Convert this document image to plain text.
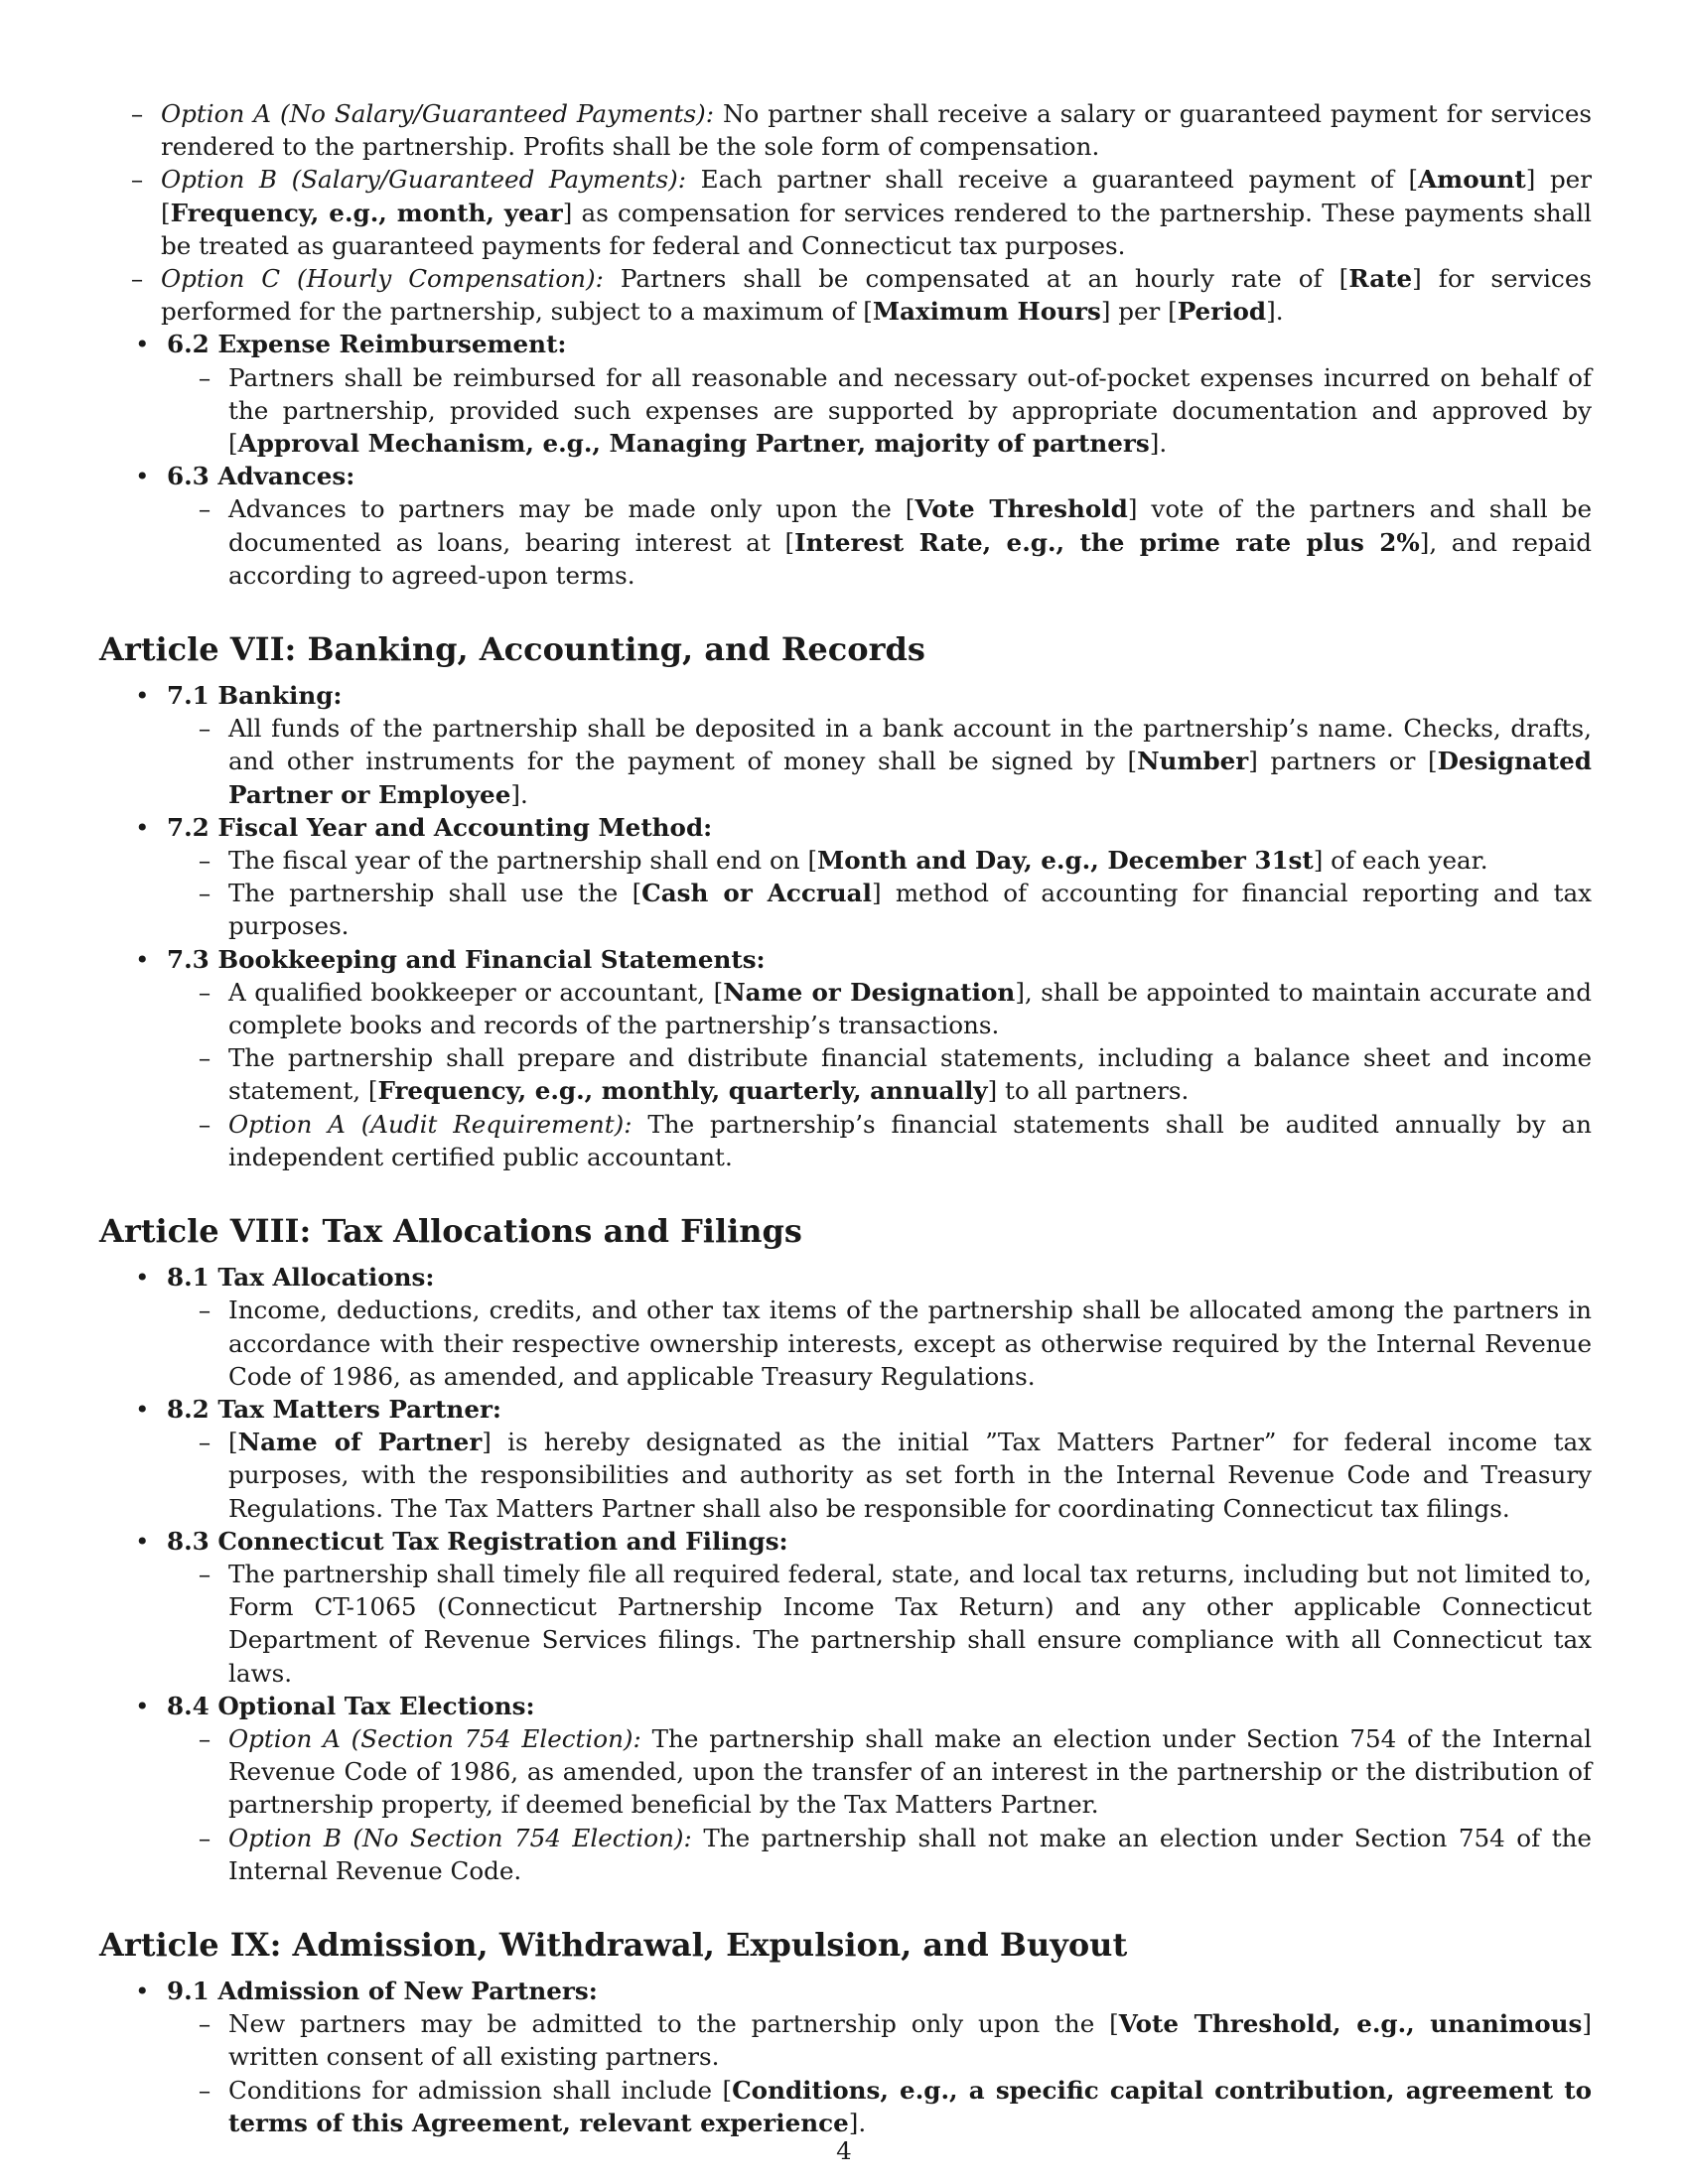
– Option A (No Salary/Guaranteed Payments): No partner shall receive a salary or guaranteed payment for services rendered to the partnership. Profits shall be the sole form of compensation.
– Option B (Salary/Guaranteed Payments): Each partner shall receive a guaranteed payment of [Amount] per [Frequency, e.g., month, year] as compensation for services rendered to the partnership. These payments shall be treated as guaranteed payments for federal and Connecticut tax purposes.
– Option C (Hourly Compensation): Partners shall be compensated at an hourly rate of [Rate] for services performed for the partnership, subject to a maximum of [Maximum Hours] per [Period].
• 6.2 Expense Reimbursement:
– Partners shall be reimbursed for all reasonable and necessary out-of-pocket expenses incurred on behalf of the partnership, provided such expenses are supported by appropriate documentation and approved by [Approval Mechanism, e.g., Managing Partner, majority of partners].
• 6.3 Advances:
– Advances to partners may be made only upon the [Vote Threshold] vote of the partners and shall be documented as loans, bearing interest at [Interest Rate, e.g., the prime rate plus 2%], and repaid according to agreed-upon terms.
Article VII: Banking, Accounting, and Records
• 7.1 Banking:
– All funds of the partnership shall be deposited in a bank account in the partnership’s name. Checks, drafts, and other instruments for the payment of money shall be signed by [Number] partners or [Designated Partner or Employee].
• 7.2 Fiscal Year and Accounting Method:
– The fiscal year of the partnership shall end on [Month and Day, e.g., December 31st] of each year.
– The partnership shall use the [Cash or Accrual] method of accounting for financial reporting and tax purposes.
• 7.3 Bookkeeping and Financial Statements:
– A qualified bookkeeper or accountant, [Name or Designation], shall be appointed to maintain accurate and complete books and records of the partnership’s transactions.
– The partnership shall prepare and distribute financial statements, including a balance sheet and income statement, [Frequency, e.g., monthly, quarterly, annually] to all partners.
– Option A (Audit Requirement): The partnership’s financial statements shall be audited annually by an independent certified public accountant.
Article VIII: Tax Allocations and Filings
• 8.1 Tax Allocations:
– Income, deductions, credits, and other tax items of the partnership shall be allocated among the partners in accordance with their respective ownership interests, except as otherwise required by the Internal Revenue Code of 1986, as amended, and applicable Treasury Regulations.
• 8.2 Tax Matters Partner:
– [Name of Partner] is hereby designated as the initial ”Tax Matters Partner” for federal income tax purposes, with the responsibilities and authority as set forth in the Internal Revenue Code and Treasury Regulations. The Tax Matters Partner shall also be responsible for coordinating Connecticut tax filings.
• 8.3 Connecticut Tax Registration and Filings:
– The partnership shall timely file all required federal, state, and local tax returns, including but not limited to, Form CT-1065 (Connecticut Partnership Income Tax Return) and any other applicable Connecticut Department of Revenue Services filings. The partnership shall ensure compliance with all Connecticut tax laws.
• 8.4 Optional Tax Elections:
– Option A (Section 754 Election): The partnership shall make an election under Section 754 of the Internal Revenue Code of 1986, as amended, upon the transfer of an interest in the partnership or the distribution of partnership property, if deemed beneficial by the Tax Matters Partner.
– Option B (No Section 754 Election): The partnership shall not make an election under Section 754 of the Internal Revenue Code.
Article IX: Admission, Withdrawal, Expulsion, and Buyout
• 9.1 Admission of New Partners:
– New partners may be admitted to the partnership only upon the [Vote Threshold, e.g., unanimous] written consent of all existing partners.
– Conditions for admission shall include [Conditions, e.g., a specific capital contribution, agreement to terms of this Agreement, relevant experience].
4
